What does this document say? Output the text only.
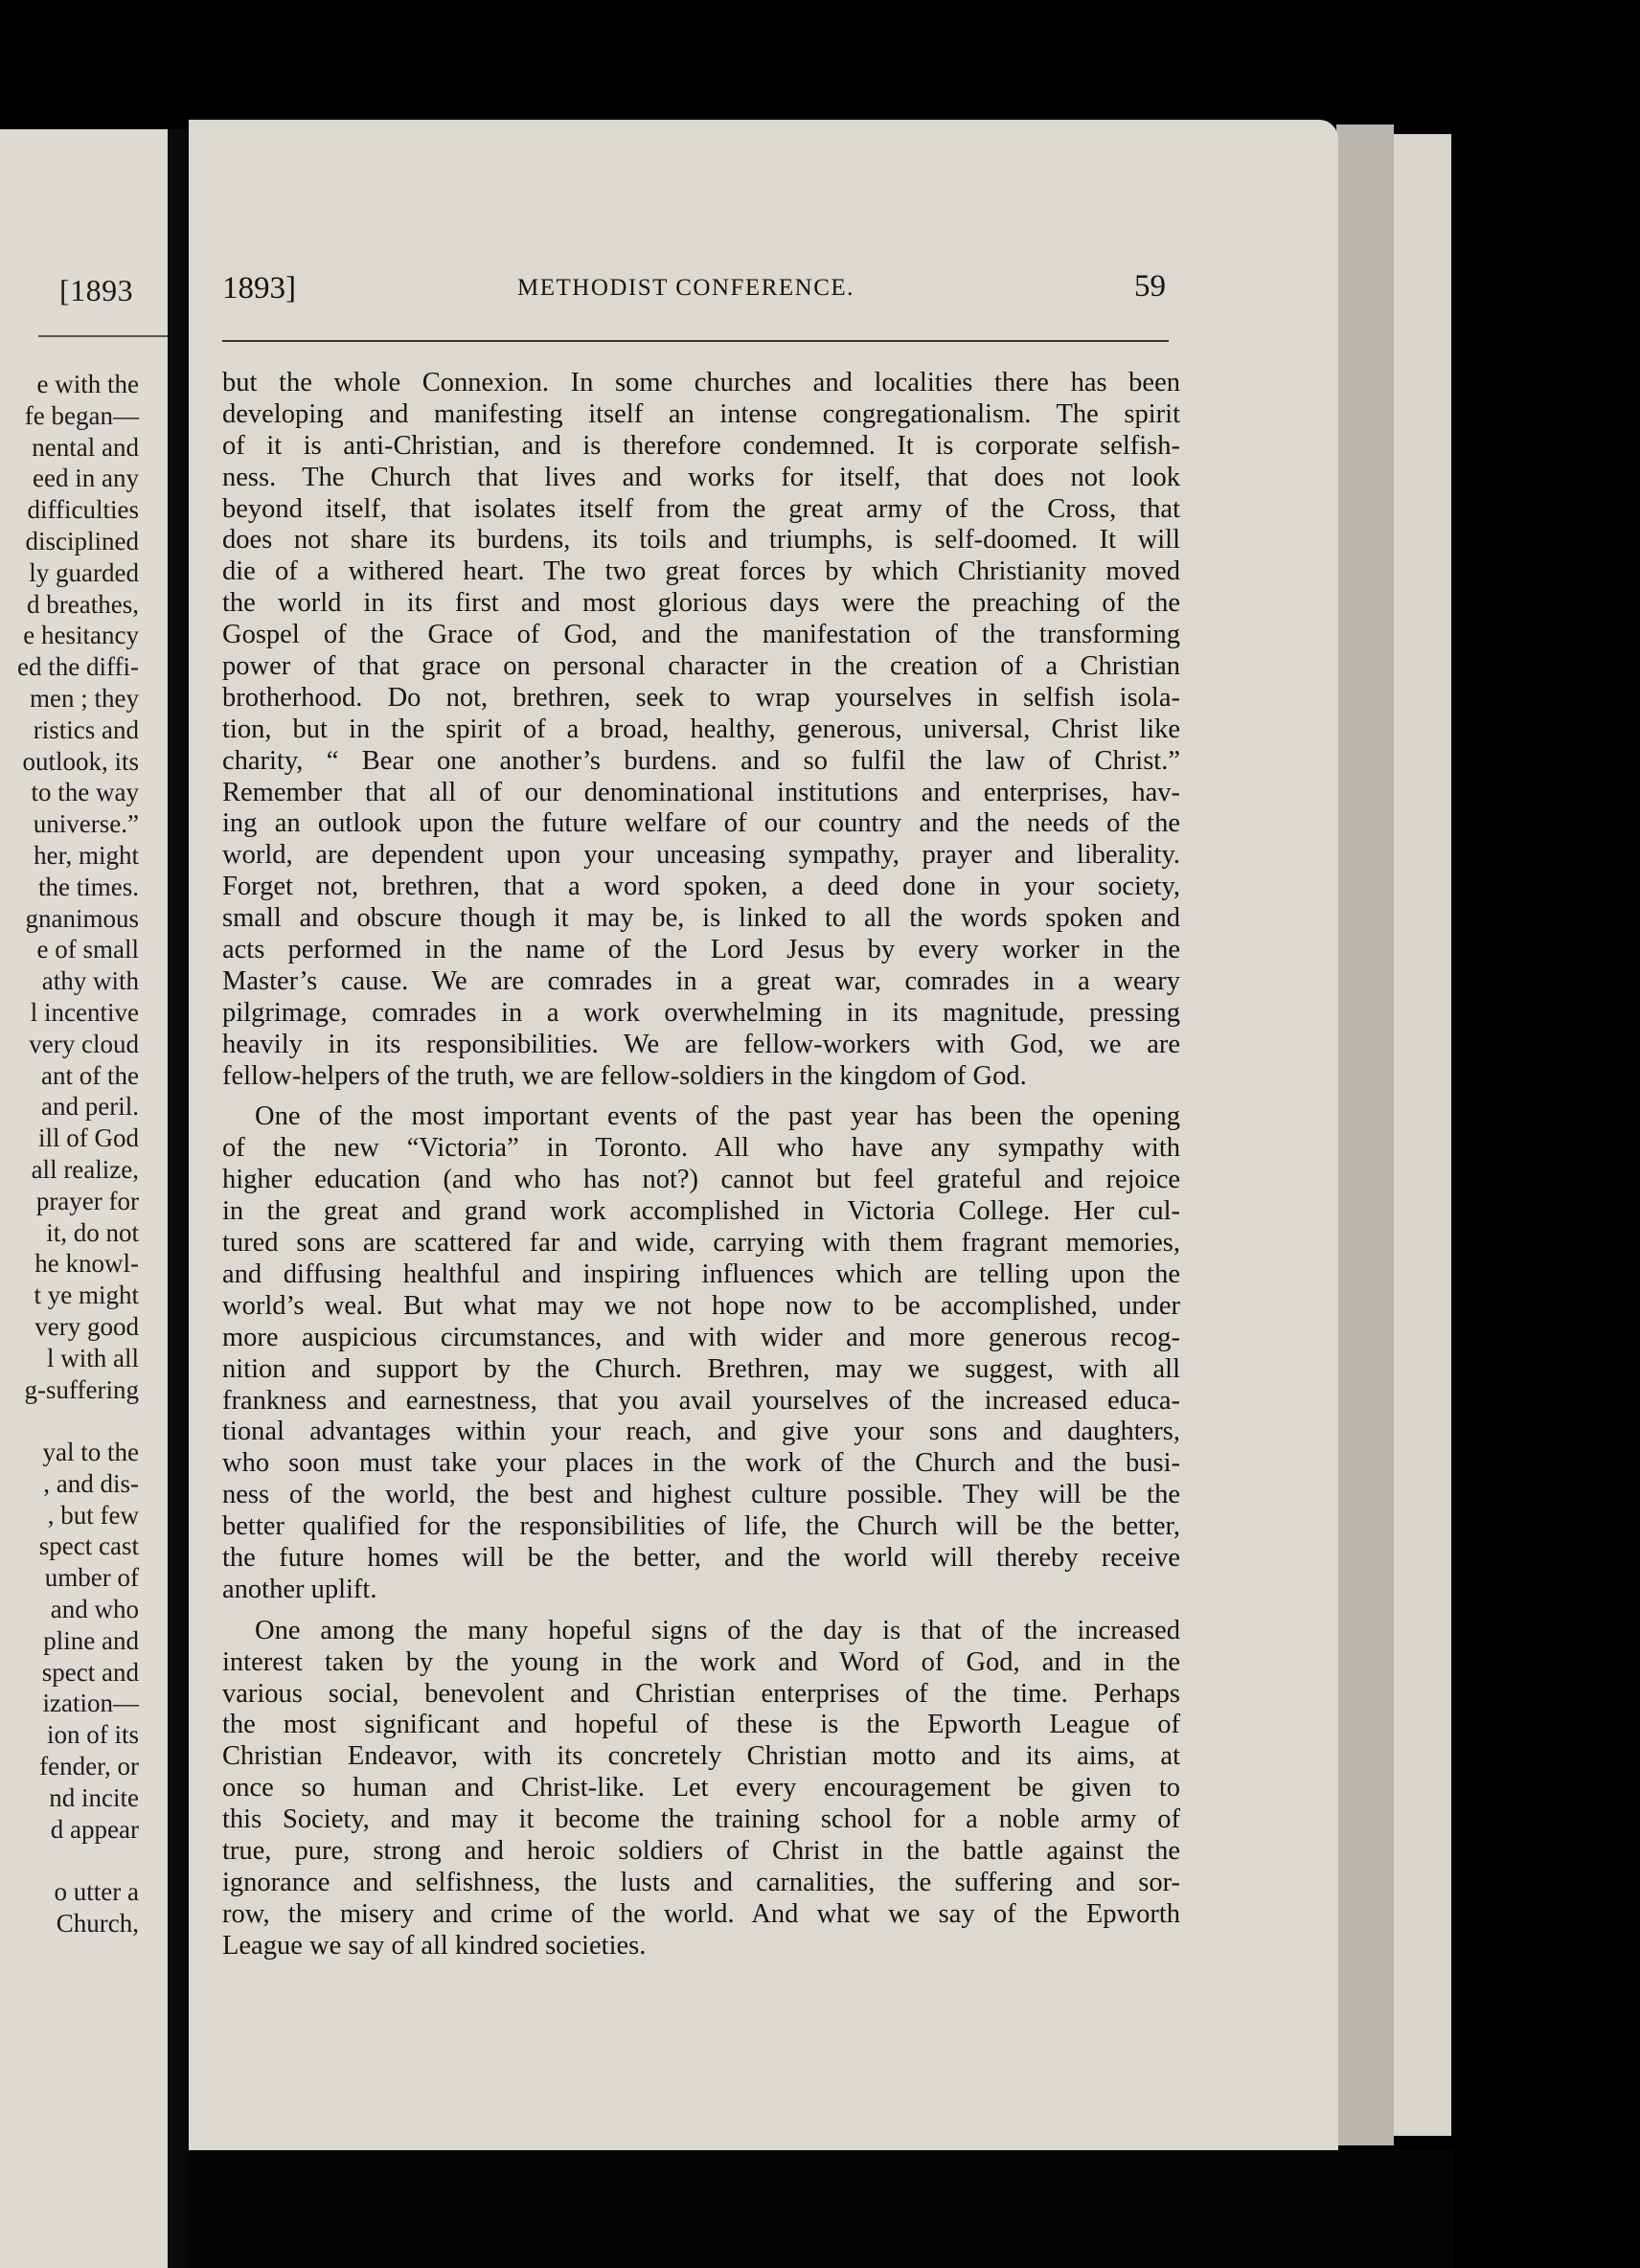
[1893
e with the
fe began—
nental and
eed in any
difficulties
disciplined
ly guarded
d breathes,
e hesitancy
ed the diffi-
men ; they
ristics and
outlook, its
to the way
universe.”
her, might
the times.
gnanimous
e of small
athy with
l incentive
very cloud
ant of the
and peril.
ill of God
all realize,
prayer for
it, do not
he knowl-
t ye might
very good
l with all
g-suffering
yal to the
, and dis-
, but few
spect cast
umber of
and who
pline and
spect and
ization—
ion of its
fender, or
nd incite
d appear
o utter a
Church,
1893]	METHODIST CONFERENCE.	59
but the whole Connexion. In some churches and localities there has been
developing and manifesting itself an intense congregationalism. The spirit
of it is anti-Christian, and is therefore condemned. It is corporate selfish-
ness. The Church that lives and works for itself, that does not look
beyond itself, that isolates itself from the great army of the Cross, that
does not share its burdens, its toils and triumphs, is self-doomed. It will
die of a withered heart. The two great forces by which Christianity moved
the world in its first and most glorious days were the preaching of the
Gospel of the Grace of God, and the manifestation of the transforming
power of that grace on personal character in the creation of a Christian
brotherhood. Do not, brethren, seek to wrap yourselves in selfish isola-
tion, but in the spirit of a broad, healthy, generous, universal, Christ like
charity, “ Bear one another’s burdens. and so fulfil the law of Christ.”
Remember that all of our denominational institutions and enterprises, hav-
ing an outlook upon the future welfare of our country and the needs of the
world, are dependent upon your unceasing sympathy, prayer and liberality.
Forget not, brethren, that a word spoken, a deed done in your society,
small and obscure though it may be, is linked to all the words spoken and
acts performed in the name of the Lord Jesus by every worker in the
Master’s cause. We are comrades in a great war, comrades in a weary
pilgrimage, comrades in a work overwhelming in its magnitude, pressing
heavily in its responsibilities. We are fellow-workers with God, we are
fellow-helpers of the truth, we are fellow-soldiers in the kingdom of God.
One of the most important events of the past year has been the opening
of the new “Victoria” in Toronto. All who have any sympathy with
higher education (and who has not?) cannot but feel grateful and rejoice
in the great and grand work accomplished in Victoria College. Her cul-
tured sons are scattered far and wide, carrying with them fragrant memories,
and diffusing healthful and inspiring influences which are telling upon the
world’s weal. But what may we not hope now to be accomplished, under
more auspicious circumstances, and with wider and more generous recog-
nition and support by the Church. Brethren, may we suggest, with all
frankness and earnestness, that you avail yourselves of the increased educa-
tional advantages within your reach, and give your sons and daughters,
who soon must take your places in the work of the Church and the busi-
ness of the world, the best and highest culture possible. They will be the
better qualified for the responsibilities of life, the Church will be the better,
the future homes will be the better, and the world will thereby receive
another uplift.
One among the many hopeful signs of the day is that of the increased
interest taken by the young in the work and Word of God, and in the
various social, benevolent and Christian enterprises of the time. Perhaps
the most significant and hopeful of these is the Epworth League of
Christian Endeavor, with its concretely Christian motto and its aims, at
once so human and Christ-like. Let every encouragement be given to
this Society, and may it become the training school for a noble army of
true, pure, strong and heroic soldiers of Christ in the battle against the
ignorance and selfishness, the lusts and carnalities, the suffering and sor-
row, the misery and crime of the world. And what we say of the Epworth
League we say of all kindred societies.
